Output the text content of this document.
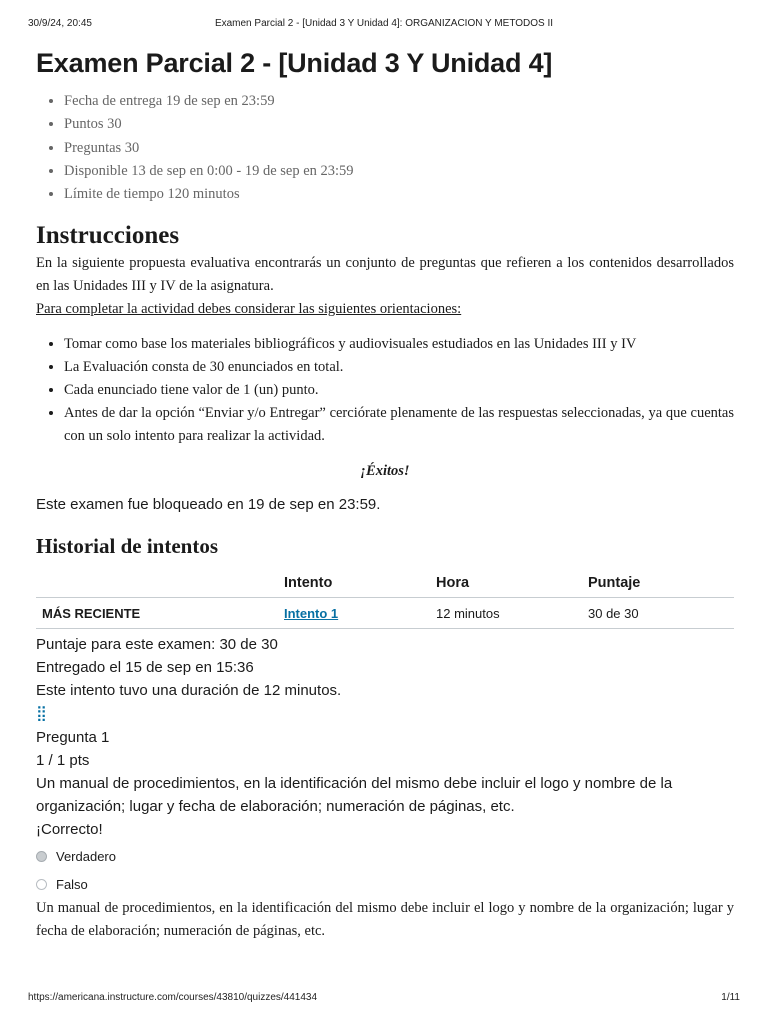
30/9/24, 20:45	Examen Parcial 2 - [Unidad 3 Y Unidad 4]: ORGANIZACION Y METODOS II
Examen Parcial 2 - [Unidad 3 Y Unidad 4]
• Fecha de entrega 19 de sep en 23:59
• Puntos 30
• Preguntas 30
• Disponible 13 de sep en 0:00 - 19 de sep en 23:59
• Límite de tiempo 120 minutos
Instrucciones

En la siguiente propuesta evaluativa encontrarás un conjunto de preguntas que refieren a los contenidos desarrollados en las Unidades III y IV de la asignatura.

Para completar la actividad debes considerar las siguientes orientaciones:

• Tomar como base los materiales bibliográficos y audiovisuales estudiados en las Unidades III y IV
• La Evaluación consta de 30 enunciados en total.
• Cada enunciado tiene valor de 1 (un) punto.
• Antes de dar la opción “Enviar y/o Entregar” cerciórate plenamente de las respuestas seleccionadas, ya que cuentas con un solo intento para realizar la actividad.
¡Éxitos!
Este examen fue bloqueado en 19 de sep en 23:59.
Historial de intentos
	Intento	Hora	Puntaje
MÁS RECIENTE	Intento 1	12 minutos	30 de 30

Puntaje para este examen: 30 de 30

Entregado el 15 de sep en 15:36

Este intento tuvo una duración de 12 minutos.

⣿

Pregunta 1

1 / 1 pts

Un manual de procedimientos, en la identificación del mismo debe incluir el logo y nombre de la organización; lugar y fecha de elaboración; numeración de páginas, etc.

¡Correcto!

Verdadero
Falso

Un manual de procedimientos, en la identificación del mismo debe incluir el logo y nombre de la organización; lugar y fecha de elaboración; numeración de páginas, etc.

https://americana.instructure.com/courses/43810/quizzes/441434	1/11
